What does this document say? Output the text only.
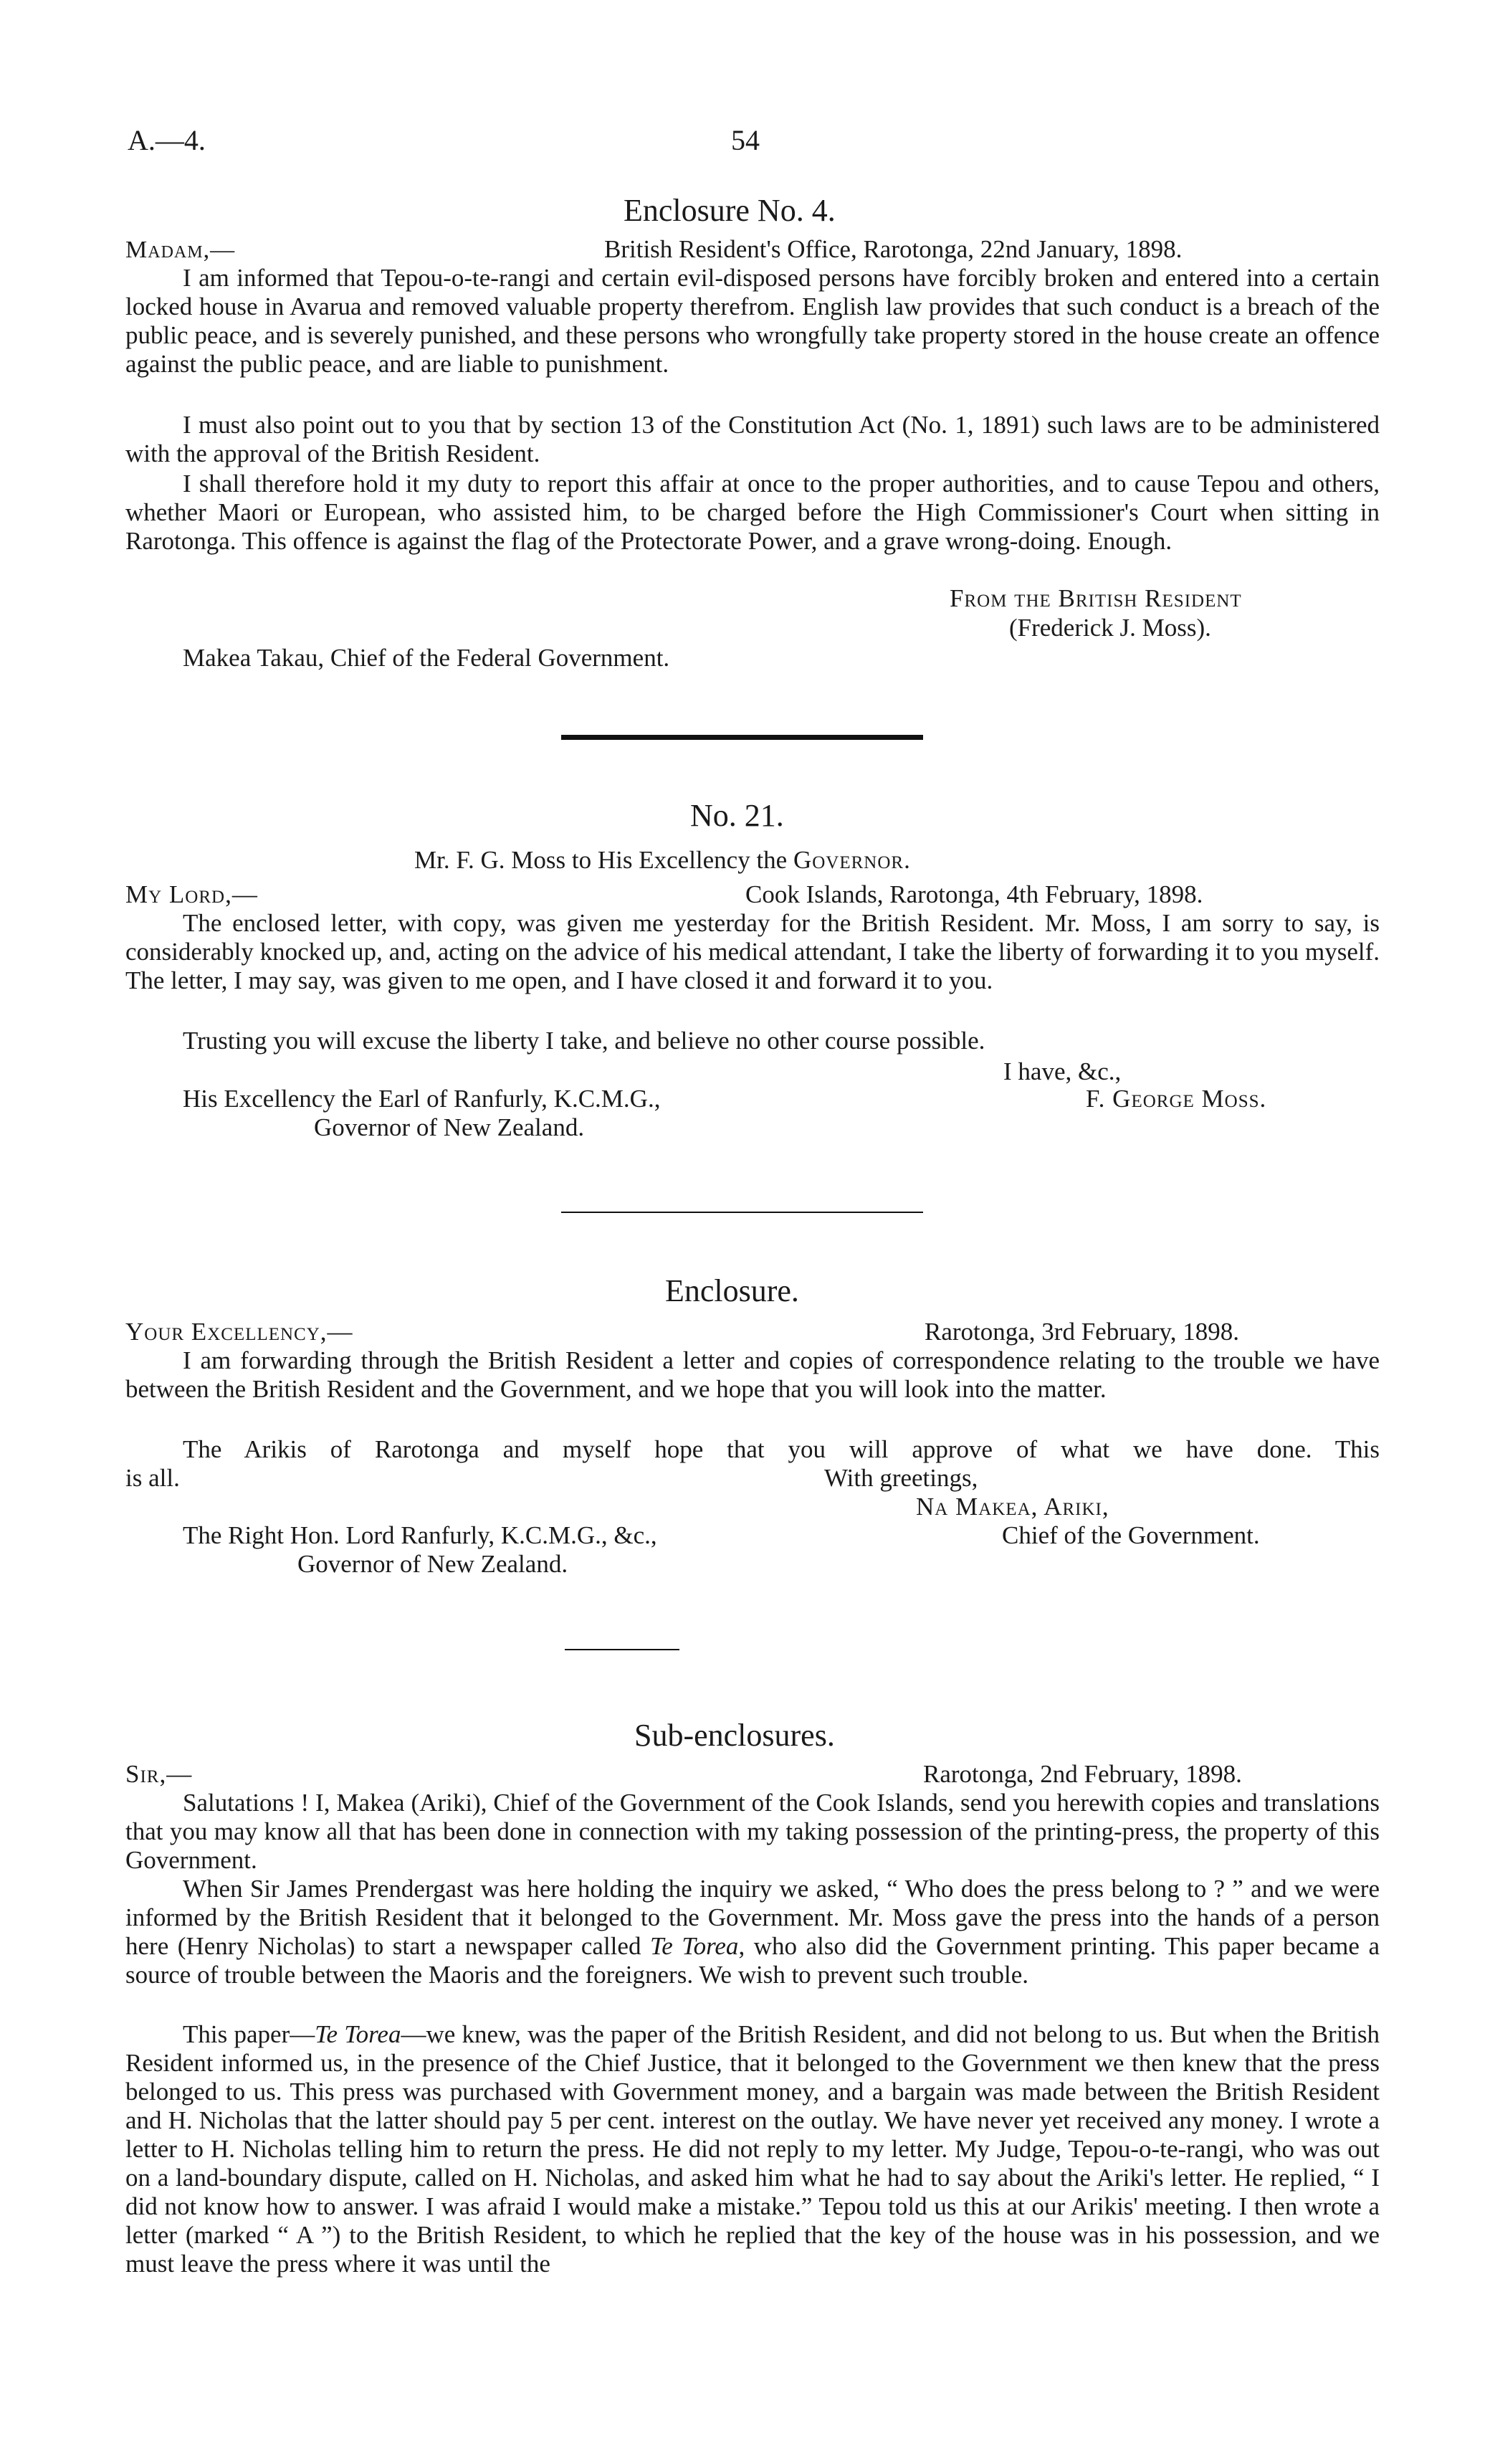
A.—4.	54
Enclosure No. 4.
Madam,—	British Resident's Office, Rarotonga, 22nd January, 1898.
I am informed that Tepou-o-te-rangi and certain evil-disposed persons have forcibly broken and entered into a certain locked house in Avarua and removed valuable property therefrom. English law provides that such conduct is a breach of the public peace, and is severely punished, and these persons who wrongfully take property stored in the house create an offence against the public peace, and are liable to punishment.
I must also point out to you that by section 13 of the Constitution Act (No. 1, 1891) such laws are to be administered with the approval of the British Resident.
I shall therefore hold it my duty to report this affair at once to the proper authorities, and to cause Tepou and others, whether Maori or European, who assisted him, to be charged before the High Commissioner's Court when sitting in Rarotonga. This offence is against the flag of the Protectorate Power, and a grave wrong-doing. Enough.
From the British Resident
(Frederick J. Moss).
Makea Takau, Chief of the Federal Government.
No. 21.
Mr. F. G. Moss to His Excellency the Governor.
My Lord,—	Cook Islands, Rarotonga, 4th February, 1898.
The enclosed letter, with copy, was given me yesterday for the British Resident. Mr. Moss, I am sorry to say, is considerably knocked up, and, acting on the advice of his medical attendant, I take the liberty of forwarding it to you myself. The letter, I may say, was given to me open, and I have closed it and forward it to you.
Trusting you will excuse the liberty I take, and believe no other course possible.
I have, &c.,
His Excellency the Earl of Ranfurly, K.C.M.G.,	F. George Moss.
Governor of New Zealand.
Enclosure.
Your Excellency,—	Rarotonga, 3rd February, 1898.
I am forwarding through the British Resident a letter and copies of correspondence relating to the trouble we have between the British Resident and the Government, and we hope that you will look into the matter.
The Arikis of Rarotonga and myself hope that you will approve of what we have done. This
is all.	With greetings,
Na Makea, Ariki,
The Right Hon. Lord Ranfurly, K.C.M.G., &c.,	Chief of the Government.
Governor of New Zealand.
Sub-enclosures.
Sir,—	Rarotonga, 2nd February, 1898.
Salutations ! I, Makea (Ariki), Chief of the Government of the Cook Islands, send you herewith copies and translations that you may know all that has been done in connection with my taking possession of the printing-press, the property of this Government.
When Sir James Prendergast was here holding the inquiry we asked, “ Who does the press belong to ? ” and we were informed by the British Resident that it belonged to the Government. Mr. Moss gave the press into the hands of a person here (Henry Nicholas) to start a newspaper called Te Torea, who also did the Government printing. This paper became a source of trouble between the Maoris and the foreigners. We wish to prevent such trouble.
This paper—Te Torea—we knew, was the paper of the British Resident, and did not belong to us. But when the British Resident informed us, in the presence of the Chief Justice, that it belonged to the Government we then knew that the press belonged to us. This press was purchased with Government money, and a bargain was made between the British Resident and H. Nicholas that the latter should pay 5 per cent. interest on the outlay. We have never yet received any money. I wrote a letter to H. Nicholas telling him to return the press. He did not reply to my letter. My Judge, Tepou-o-te-rangi, who was out on a land-boundary dispute, called on H. Nicholas, and asked him what he had to say about the Ariki's letter. He replied, “ I did not know how to answer. I was afraid I would make a mistake.” Tepou told us this at our Arikis' meeting. I then wrote a letter (marked “ A ”) to the British Resident, to which he replied that the key of the house was in his possession, and we must leave the press where it was until the
